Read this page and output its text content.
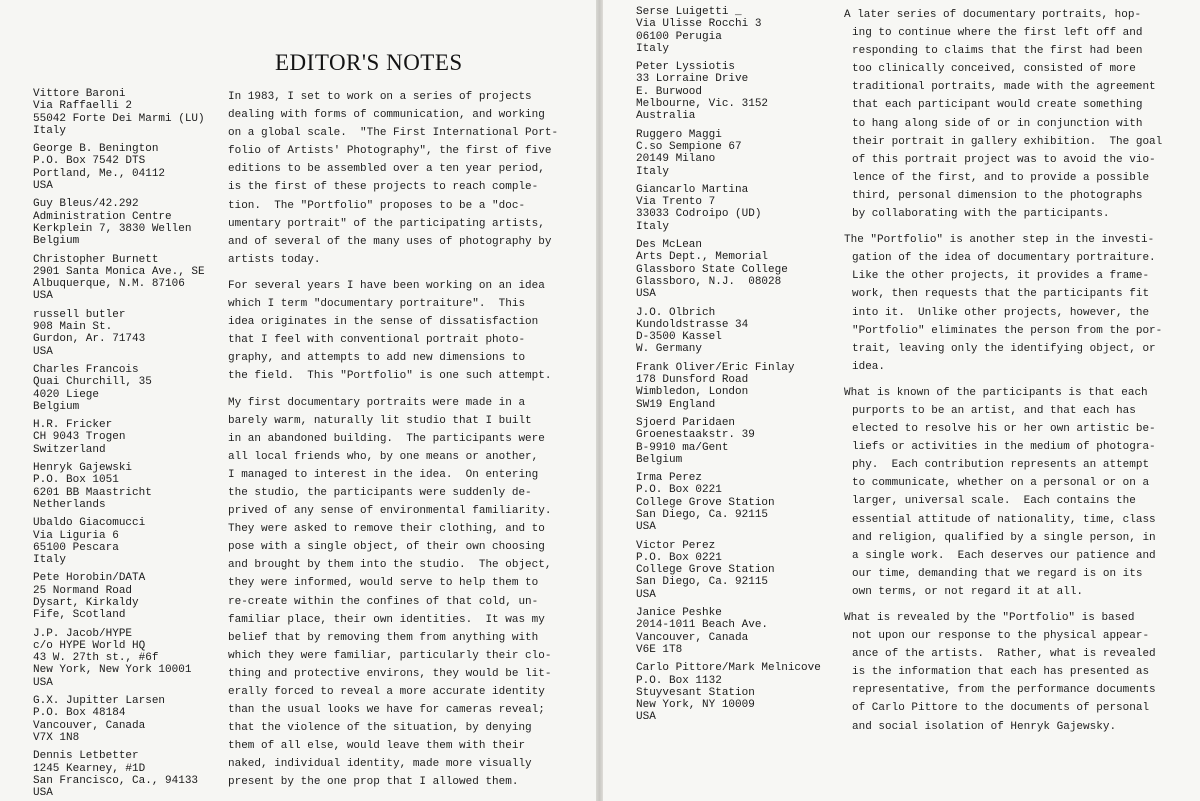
EDITOR'S NOTES
Vittore Baroni
Via Raffaelli 2
55042 Forte Dei Marmi (LU)
Italy
George B. Benington
P.O. Box 7542 DTS
Portland, Me., 04112
USA
Guy Bleus/42.292
Administration Centre
Kerkplein 7, 3830 Wellen
Belgium
Christopher Burnett
2901 Santa Monica Ave., SE
Albuquerque, N.M. 87106
USA
russell butler
908 Main St.
Gurdon, Ar. 71743
USA
Charles Francois
Quai Churchill, 35
4020 Liege
Belgium
H.R. Fricker
CH 9043 Trogen
Switzerland
Henryk Gajewski
P.O. Box 1051
6201 BB Maastricht
Netherlands
Ubaldo Giacomucci
Via Liguria 6
65100 Pescara
Italy
Pete Horobin/DATA
25 Normand Road
Dysart, Kirkaldy
Fife, Scotland
J.P. Jacob/HYPE
c/o HYPE World HQ
43 W. 27th st., #6f
New York, New York 10001
USA
G.X. Jupitter Larsen
P.O. Box 48184
Vancouver, Canada
V7X 1N8
Dennis Letbetter
1245 Kearney, #1D
San Francisco, Ca., 94133
USA
In 1983, I set to work on a series of projects
dealing with forms of communication, and working
on a global scale.  "The First International Port-
folio of Artists' Photography", the first of five
editions to be assembled over a ten year period,
is the first of these projects to reach comple-
tion.  The "Portfolio" proposes to be a "doc-
umentary portrait" of the participating artists,
and of several of the many uses of photography by
artists today.
For several years I have been working on an idea
which I term "documentary portraiture".  This
idea originates in the sense of dissatisfaction
that I feel with conventional portrait photo-
graphy, and attempts to add new dimensions to
the field.  This "Portfolio" is one such attempt.
My first documentary portraits were made in a
barely warm, naturally lit studio that I built
in an abandoned building.  The participants were
all local friends who, by one means or another,
I managed to interest in the idea.  On entering
the studio, the participants were suddenly de-
prived of any sense of environmental familiarity.
They were asked to remove their clothing, and to
pose with a single object, of their own choosing
and brought by them into the studio.  The object,
they were informed, would serve to help them to
re-create within the confines of that cold, un-
familiar place, their own identities.  It was my
belief that by removing them from anything with
which they were familiar, particularly their clo-
thing and protective environs, they would be lit-
erally forced to reveal a more accurate identity
than the usual looks we have for cameras reveal;
that the violence of the situation, by denying
them of all else, would leave them with their
naked, individual identity, made more visually
present by the one prop that I allowed them.
Serse Luigetti _
Via Ulisse Rocchi 3
06100 Perugia
Italy
Peter Lyssiotis
33 Lorraine Drive
E. Burwood
Melbourne, Vic. 3152
Australia
Ruggero Maggi
C.so Sempione 67
20149 Milano
Italy
Giancarlo Martina
Via Trento 7
33033 Codroipo (UD)
Italy
Des McLean
Arts Dept., Memorial
Glassboro State College
Glassboro, N.J.  08028
USA
J.O. Olbrich
Kundoldstrasse 34
D-3500 Kassel
W. Germany
Frank Oliver/Eric Finlay
178 Dunsford Road
Wimbledon, London
SW19 England
Sjoerd Paridaen
Groenestaakstr. 39
B-9910 ma/Gent
Belgium
Irma Perez
P.O. Box 0221
College Grove Station
San Diego, Ca. 92115
USA
Victor Perez
P.O. Box 0221
College Grove Station
San Diego, Ca. 92115
USA
Janice Peshke
2014-1011 Beach Ave.
Vancouver, Canada
V6E 1T8
Carlo Pittore/Mark Melnicove
P.O. Box 1132
Stuyvesant Station
New York, NY 10009
USA
A later series of documentary portraits, hop-
ing to continue where the first left off and
responding to claims that the first had been
too clinically conceived, consisted of more
traditional portraits, made with the agreement
that each participant would create something
to hang along side of or in conjunction with
their portrait in gallery exhibition.  The goal
of this portrait project was to avoid the vio-
lence of the first, and to provide a possible
third, personal dimension to the photographs
by collaborating with the participants.
The "Portfolio" is another step in the investi-
gation of the idea of documentary portraiture.
Like the other projects, it provides a frame-
work, then requests that the participants fit
into it.  Unlike other projects, however, the
"Portfolio" eliminates the person from the por-
trait, leaving only the identifying object, or
idea.
What is known of the participants is that each
purports to be an artist, and that each has
elected to resolve his or her own artistic be-
liefs or activities in the medium of photogra-
phy.  Each contribution represents an attempt
to communicate, whether on a personal or on a
larger, universal scale.  Each contains the
essential attitude of nationality, time, class
and religion, qualified by a single person, in
a single work.  Each deserves our patience and
our time, demanding that we regard is on its
own terms, or not regard it at all.
What is revealed by the "Portfolio" is based
not upon our response to the physical appear-
ance of the artists.  Rather, what is revealed
is the information that each has presented as
representative, from the performance documents
of Carlo Pittore to the documents of personal
and social isolation of Henryk Gajewsky.
